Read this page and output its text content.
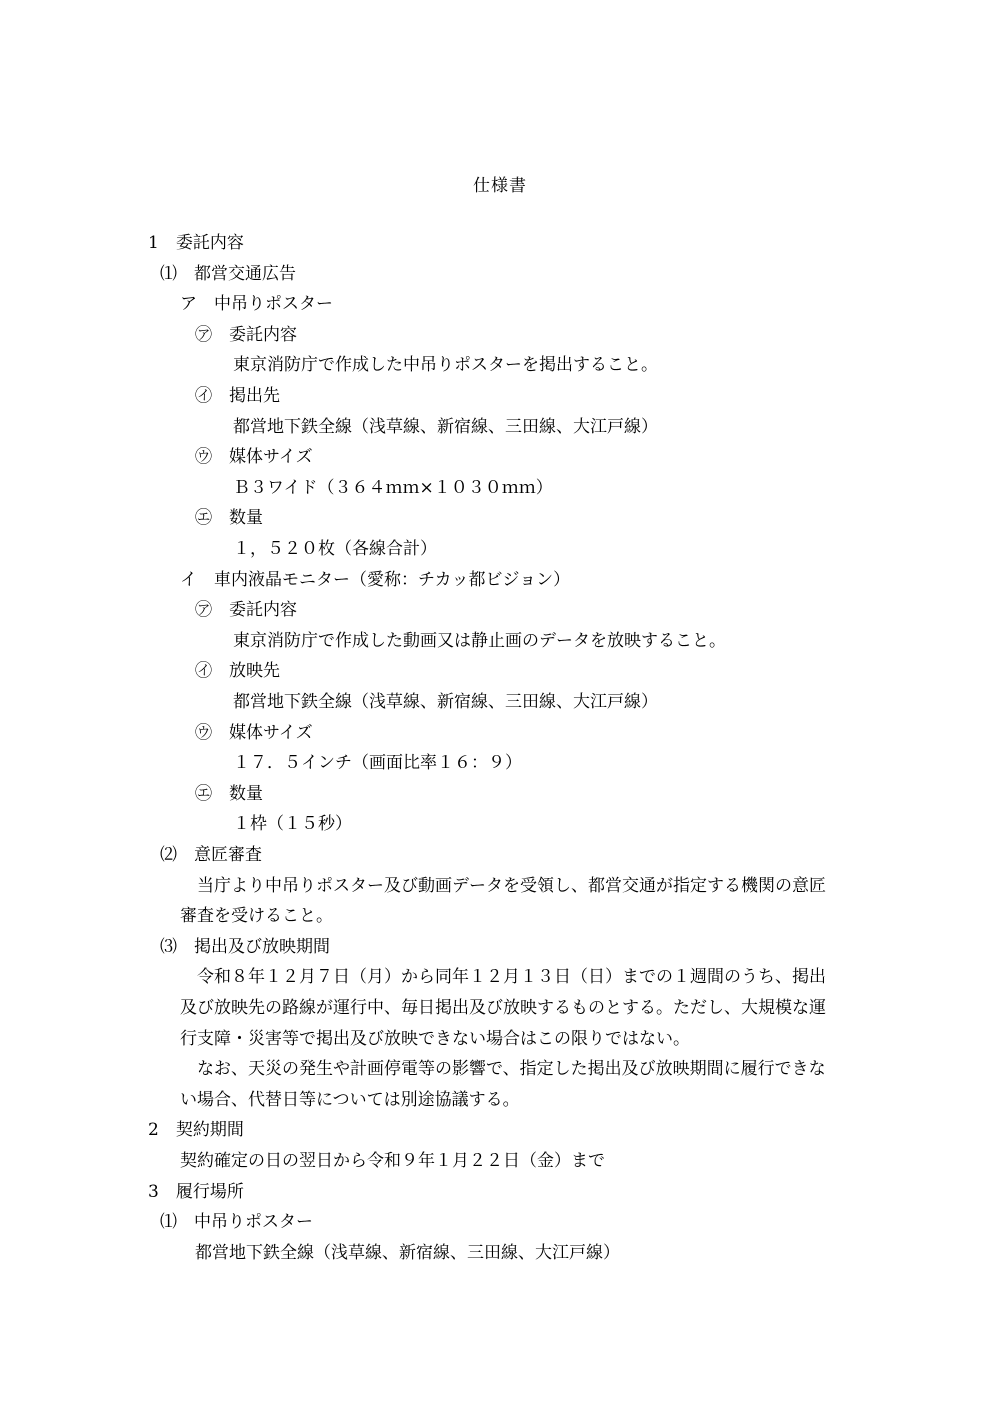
仕様書
1　委託内容
⑴　都営交通広告
ア　中吊りポスター
㋐　委託内容
東京消防庁で作成した中吊りポスターを掲出すること。
㋑　掲出先
都営地下鉄全線（浅草線、新宿線、三田線、大江戸線）
㋒　媒体サイズ
Ｂ３ワイド（３６４ｍｍ×１０３０ｍｍ）
㋓　数量
１，５２０枚（各線合計）
イ　車内液晶モニター（愛称：チカッ都ビジョン）
㋐　委託内容
東京消防庁で作成した動画又は静止画のデータを放映すること。
㋑　放映先
都営地下鉄全線（浅草線、新宿線、三田線、大江戸線）
㋒　媒体サイズ
１７．５インチ（画面比率１６：９）
㋓　数量
１枠（１５秒）
⑵　意匠審査
　当庁より中吊りポスター及び動画データを受領し、都営交通が指定する機関の意匠
審査を受けること。
⑶　掲出及び放映期間
　令和８年１２月７日（月）から同年１２月１３日（日）までの１週間のうち、掲出
及び放映先の路線が運行中、毎日掲出及び放映するものとする。ただし、大規模な運
行支障・災害等で掲出及び放映できない場合はこの限りではない。
　なお、天災の発生や計画停電等の影響で、指定した掲出及び放映期間に履行できな
い場合、代替日等については別途協議する。
2　契約期間
契約確定の日の翌日から令和９年１月２２日（金）まで
3　履行場所
⑴　中吊りポスター
都営地下鉄全線（浅草線、新宿線、三田線、大江戸線）
